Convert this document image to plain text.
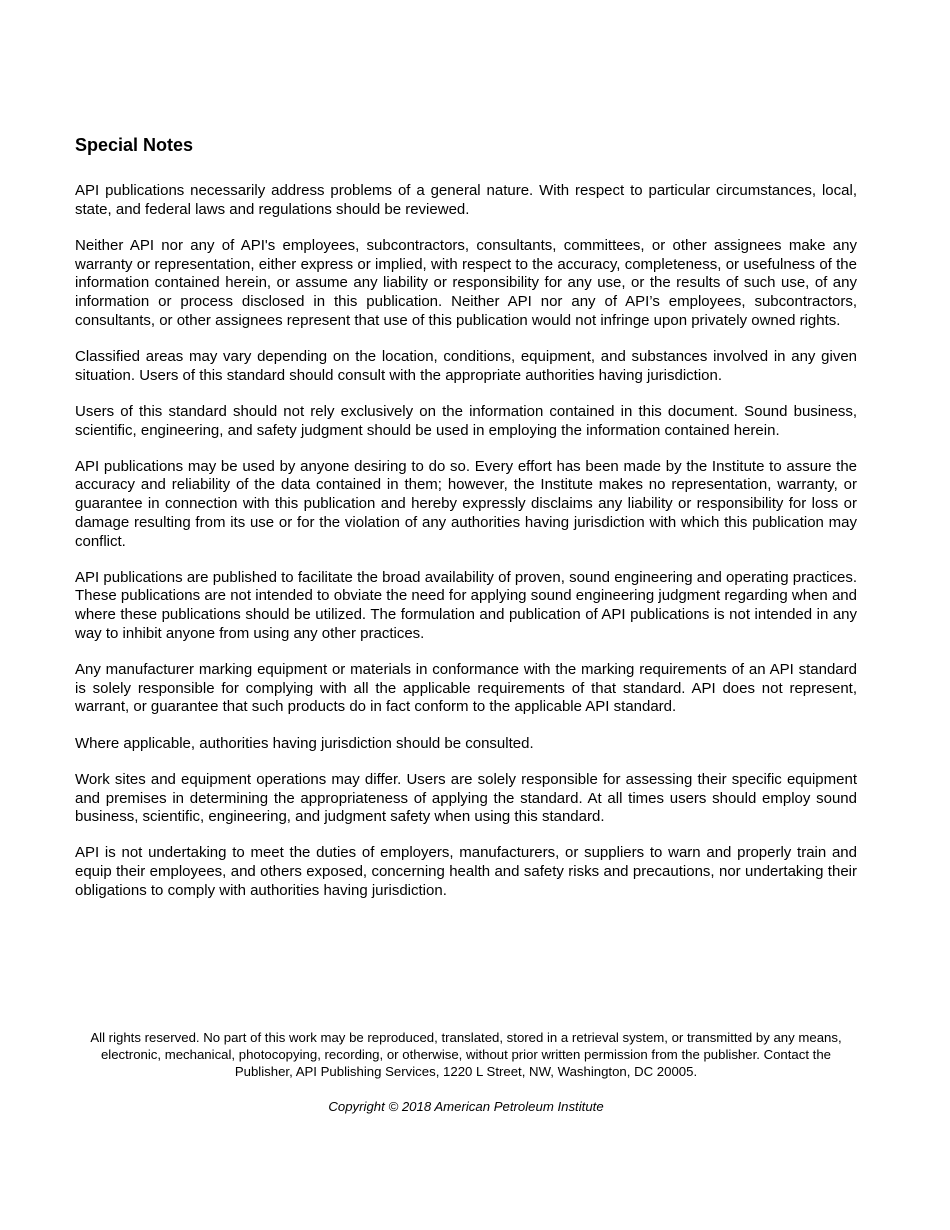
Special Notes

API publications necessarily address problems of a general nature. With respect to particular circumstances, local, state, and federal laws and regulations should be reviewed.

Neither API nor any of API's employees, subcontractors, consultants, committees, or other assignees make any warranty or representation, either express or implied, with respect to the accuracy, completeness, or usefulness of the information contained herein, or assume any liability or responsibility for any use, or the results of such use, of any information or process disclosed in this publication. Neither API nor any of API’s employees, subcontractors, consultants, or other assignees represent that use of this publication would not infringe upon privately owned rights.

Classified areas may vary depending on the location, conditions, equipment, and substances involved in any given situation. Users of this standard should consult with the appropriate authorities having jurisdiction.

Users of this standard should not rely exclusively on the information contained in this document. Sound business, scientific, engineering, and safety judgment should be used in employing the information contained herein.

API publications may be used by anyone desiring to do so. Every effort has been made by the Institute to assure the accuracy and reliability of the data contained in them; however, the Institute makes no representation, warranty, or guarantee in connection with this publication and hereby expressly disclaims any liability or responsibility for loss or damage resulting from its use or for the violation of any authorities having jurisdiction with which this publication may conflict.

API publications are published to facilitate the broad availability of proven, sound engineering and operating practices. These publications are not intended to obviate the need for applying sound engineering judgment regarding when and where these publications should be utilized. The formulation and publication of API publications is not intended in any way to inhibit anyone from using any other practices.

Any manufacturer marking equipment or materials in conformance with the marking requirements of an API standard is solely responsible for complying with all the applicable requirements of that standard. API does not represent, warrant, or guarantee that such products do in fact conform to the applicable API standard.

Where applicable, authorities having jurisdiction should be consulted.

Work sites and equipment operations may differ. Users are solely responsible for assessing their specific equipment and premises in determining the appropriateness of applying the standard. At all times users should employ sound business, scientific, engineering, and judgment safety when using this standard.

API is not undertaking to meet the duties of employers, manufacturers, or suppliers to warn and properly train and equip their employees, and others exposed, concerning health and safety risks and precautions, nor undertaking their obligations to comply with authorities having jurisdiction.

All rights reserved. No part of this work may be reproduced, translated, stored in a retrieval system, or transmitted by any means, electronic, mechanical, photocopying, recording, or otherwise, without prior written permission from the publisher. Contact the Publisher, API Publishing Services, 1220 L Street, NW, Washington, DC 20005.

Copyright © 2018 American Petroleum Institute
